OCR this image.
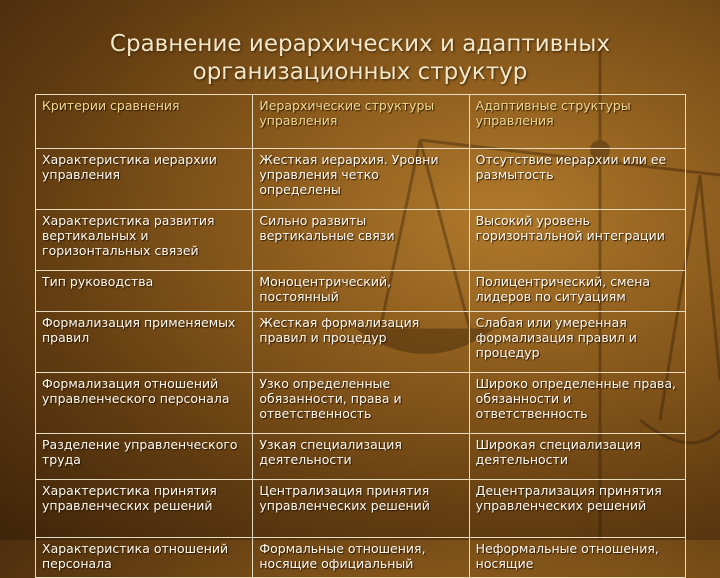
Сравнение иерархических и адаптивных
организационных структур
Критерии сравнения	Иерархические структуры управления	Адаптивные структуры управления
Характеристика иерархии управления	Жесткая иерархия. Уровни управления четко определены	Отсутствие иерархии или ее размытость
Характеристика развития вертикальных и горизонтальных связей	Сильно развиты вертикальные связи	Высокий уровень горизонтальной интеграции
Тип руководства	Моноцентрический, постоянный	Полицентрический, смена лидеров по ситуациям
Формализация применяемых правил	Жесткая формализация правил и процедур	Слабая или умеренная формализация правил и процедур
Формализация отношений управленческого персонала	Узко определенные обязанности, права и ответственность	Широко определенные права, обязанности и ответственность
Разделение управленческого труда	Узкая специализация деятельности	Широкая специализация деятельности
Характеристика принятия управленческих решений	Централизация принятия управленческих решений	Децентрализация принятия управленческих решений
Характеристика отношений персонала	Формальные отношения, носящие официальный	Неформальные отношения, носящие
